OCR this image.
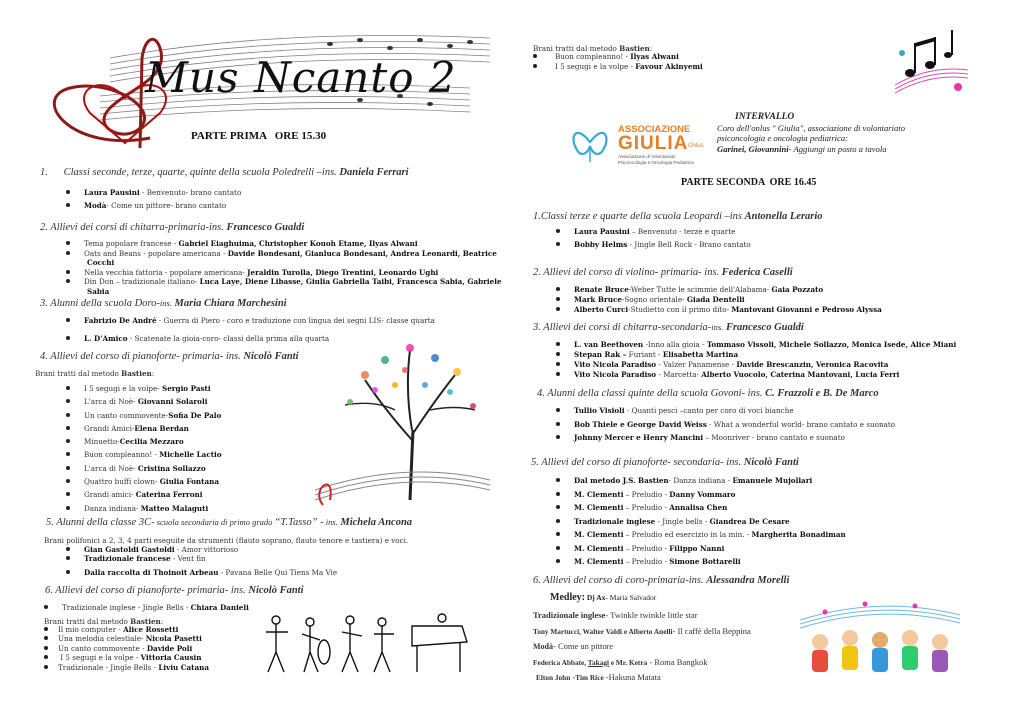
Mus Ncanto 2
PARTE PRIMA   ORE 15.30
1. Classi seconde, terze, quarte, quinte della scuola Poledrelli –ins. Daniela Ferrari
Laura Pausini - Benvenuto- brano cantato
Modà- Come un pittore- brano cantato
2. Allievi dei corsi di chitarra-primaria-ins. Francesco Gualdi
Tema popolare francese - Gabriel Eiaghuima, Christopher Kouoh Etame, Ilyas Alwani
Oats and Beans - popolare americana - Davide Bondesani, Gianluca Bondesani, Andrea Leonardi, Beatrice
Cocchi
Nella vecchia fattoria - popolare americana- Jeraldin Turolla, Diego Trentini, Leonardo Ughi
Din Don – tradizionale italiano- Luca Laye, Diene Libasse, Giulia Gabriella Taibi, Francesca Sabia, Gabriele
Sabia
3. Alunni della scuola Doro-ins. Maria Chiara Marchesini
Fabrizio De André - Guerra di Piero - coro e traduzione con lingua dei segni LIS- classe quarta
L. D'Amico - Scatenate la gioia-coro- classi della prima alla quarta
4. Allievi del corso di pianoforte- primaria- ins. Nicolò Fanti
Brani tratti dal metodo Bastien:
I 5 segugi e la volpe- Sergio Pasti
L'arca di Noè- Giovanni Solaroli
Un canto commovente-Sofia De Palo
Grandi Amici-Elena Berdan
Minuetto-Cecilia Mezzaro
Buon compleanno! - Michelle Lactio
L'arca di Noè- Cristina Sollazzo
Quattro buffi clown- Giulia Fontana
Grandi amici- Caterina Ferroni
Danza indiana- Matteo Malaguti
5. Alunni della classe 3C- scuola secondaria di primo grado “T.Tasso” - ins. Michela Ancona
Brani polifonici a 2, 3, 4 parti eseguite da strumenti (flauto soprano, flauto tenore e tastiera) e voci.
Gian Gastoldi Gastoldi - Amor vittorioso
Tradizionale francese - Vent fin
Dalla raccolta di Thoinoit Arbeau - Pavana Belle Qui Tiens Ma Vie
6. Allievi del corso di pianoforte- primaria- ins. Nicolò Fanti
Tradizionale inglese - Jingle Bells - Chiara Danieli
Brani tratti dal metodo Bastien:
Il mio computer - Alice Rossetti
Una melodia celestiale- Nicola Pasetti
Un canto commovente - Davide Poli
I 5 segugi e la volpe - Vittoria Causin
Tradizionale - Jingle Bells - Liviu Catana
Brani tratti dal metodo Bastien:
Buon compleanno! - Ilyas Alwani
I 5 segugi e la volpe - Favour Akinyemi
ASSOCIAZIONE
GIULIA Onlus
Associazione di Volontariato
Psiconcologia e Oncologia Pediatrica
INTERVALLO
Coro dell'onlus " Giulia", associazione di volontariato
psiconcologia e oncologia pediatrica:
Garinei, Giovannini- Aggiungi un posto a tavola
PARTE SECONDA  ORE 16.45
1.Classi terze e quarte della scuola Leopardi –ins Antonella Lerario
Laura Pausini – Benvenuto - terze e quarte
Bobby Helms - Jingle Bell Rock - Brano cantato
2. Allievi del corso di violino- primaria- ins. Federica Caselli
Renate Bruce-Weber Tutte le scimmie dell'Alabama- Gaia Pozzato
Mark Bruce-Sogno orientale- Giada Dentelli
Alberto Curci-Studietto con il primo dito- Mantovani Giovanni e Pedroso Alyssa
3. Allievi dei corsi di chitarra-secondaria-ins. Francesco Gualdi
L. van Beethoven -Inno alla gioia - Tommaso Vissoli, Michele Sollazzo, Monica Isede, Alice Miani
Stepan Rak – Furiant - Elisabetta Martina
Vito Nicola Paradiso - Valzer Panamense - Davide Brescanzin, Veronica Racovita
Vito Nicola Paradiso - Marcetta- Alberto Vuocolo, Caterina Mantovani, Lucia Ferri
4. Alunni della classi quinte della scuola Govoni- ins. C. Frazzoli e B. De Marco
Tullio Visioli - Quanti pesci –canto per coro di voci bianche
Bob Thiele e George David Weiss - What a wonderful world- brano cantato e suonato
Johnny Mercer e Henry Mancini – Moonriver - brano cantato e suonato
5. Allievi del corso di pianoforte- secondaria- ins. Nicolò Fanti
Dal metodo J.S. Bastien- Danza indiana - Emanuele Mujollari
M. Clementi – Preludio - Danny Vommaro
M. Clementi – Preludio - Annalisa Chen
Tradizionale inglese - Jingle bells - Giandrea De Cesare
M. Clementi – Preludio ed esercizio in la min. - Margherita Bonadiman
M. Clementi – Preludio - Filippo Nanni
M. Clementi – Preludio - Simone Bottarelli
6. Allievi del corso di coro-primaria-ins. Alessandra Morelli
Medley: Dj Ax- Maria Salvador
Tradizionale inglese- Twinkle twinkle little star
Tony Martucci, Walter Valdi e Alberto Anelli- Il caffè della Beppina
Modà- Come un pittore
Federica Abbate, Takagi e Mr. Ketra - Roma Bangkok
Elton John -Tim Rice -Hakuna Matata
